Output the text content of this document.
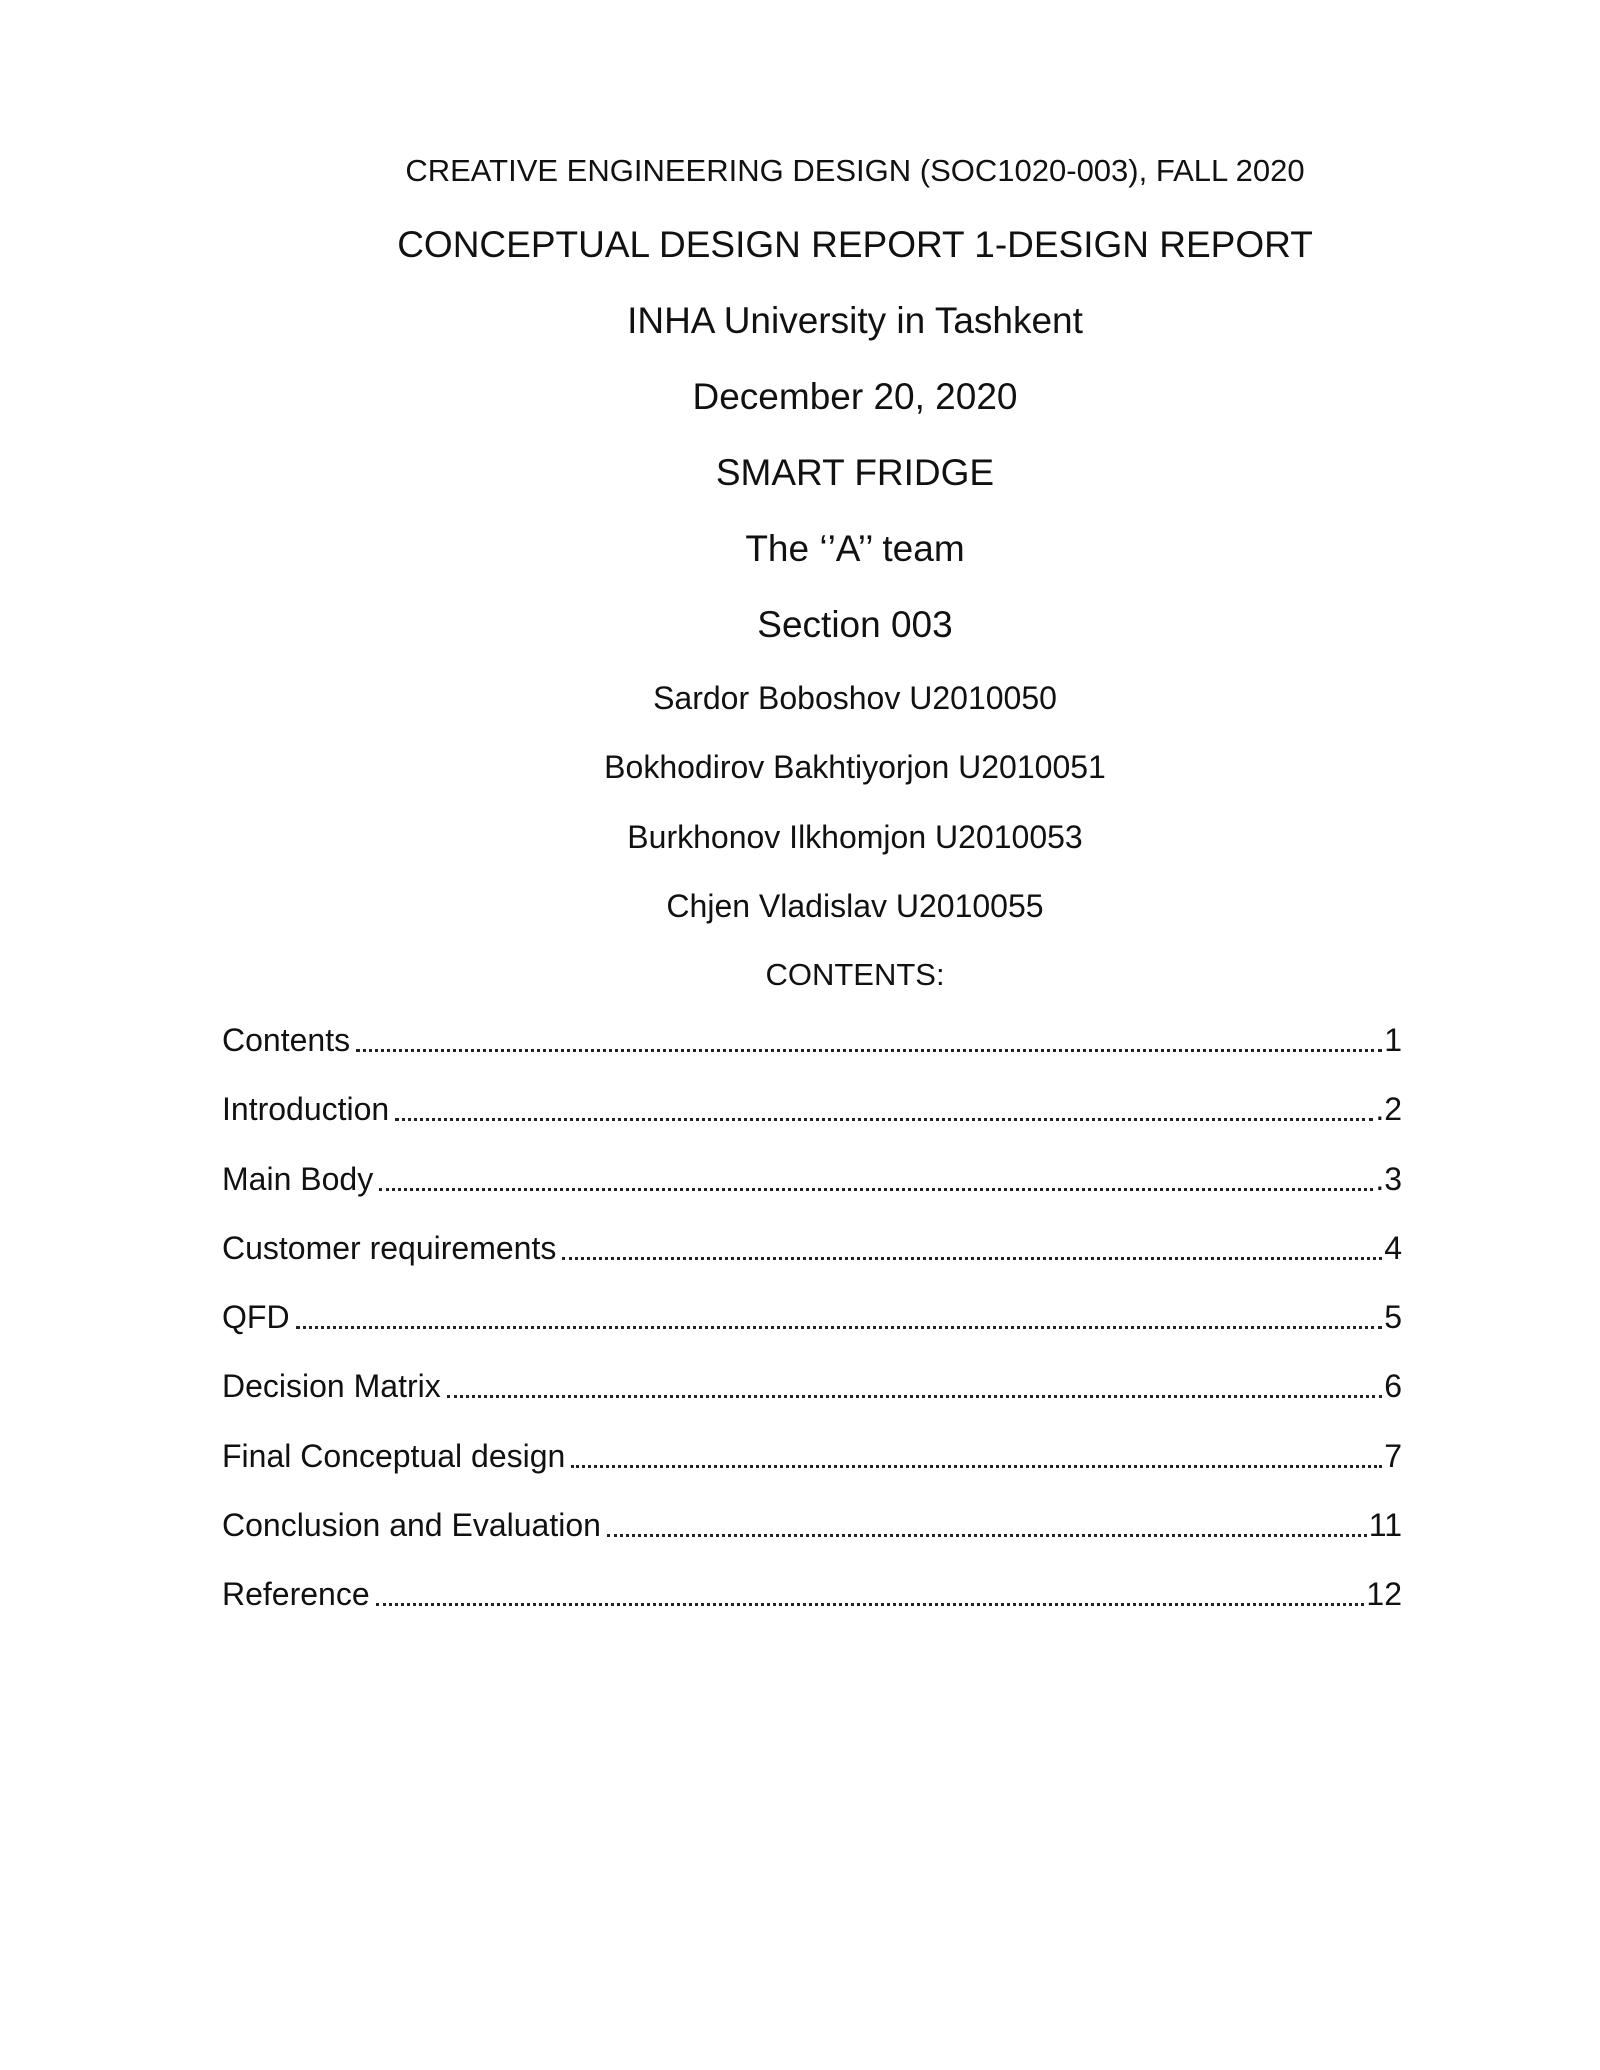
CREATIVE ENGINEERING DESIGN (SOC1020-003), FALL 2020
CONCEPTUAL DESIGN REPORT 1-DESIGN REPORT
INHA University in Tashkent
December 20, 2020
SMART FRIDGE
The ‘’A’’ team
Section 003
Sardor Boboshov U2010050
Bokhodirov Bakhtiyorjon U2010051
Burkhonov Ilkhomjon U2010053
Chjen Vladislav U2010055
CONTENTS:
Contents	1
Introduction	.2
Main Body	.3
Customer requirements	4
QFD	5
Decision Matrix	6
Final Conceptual design	7
Conclusion and Evaluation	11
Reference	12
